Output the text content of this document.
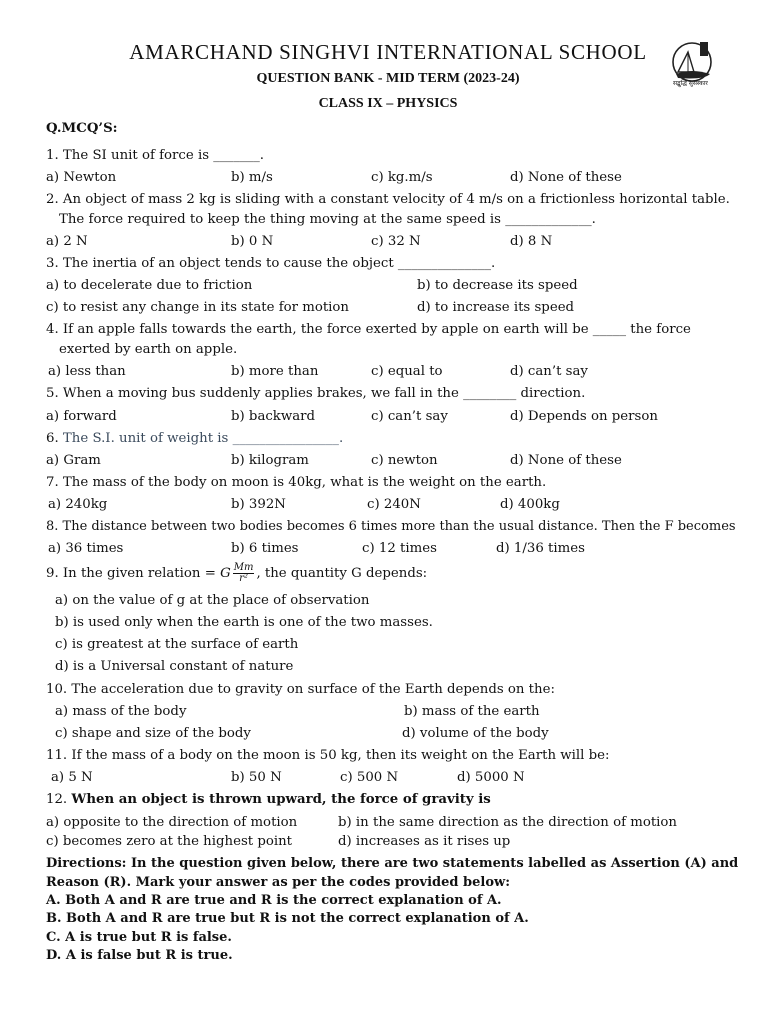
AMARCHAND SINGHVI INTERNATIONAL SCHOOL
QUESTION BANK - MID TERM (2023-24)
CLASS IX – PHYSICS
सद्बुद्धि सुसंस्कार
Q.MCQ’S:
1. The SI unit of force is _______.
a) Newton	b) m/s	c) kg.m/s	d) None of these
2. An object of mass 2 kg is sliding with a constant velocity of 4 m/s on a frictionless horizontal table.
The force required to keep the thing moving at the same speed is _____________.
a) 2 N	b) 0 N	c) 32 N	d) 8 N
3. The inertia of an object tends to cause the object ______________.
a) to decelerate due to friction	b) to decrease its speed
c) to resist any change in its state for motion	d) to increase its speed
4. If an apple falls towards the earth, the force exerted by apple on earth will be _____ the force
exerted by earth on apple.
a) less than	b) more than	c) equal to	d) can’t say
5. When a moving bus suddenly applies brakes, we fall in the ________ direction.
a) forward	b) backward	c) can’t say	d) Depends on person
6. The S.I. unit of weight is ________________.
a) Gram	b) kilogram	c) newton	d) None of these
7. The mass of the body on moon is 40kg, what is the weight on the earth.
a) 240kg	b) 392N	c) 240N	d) 400kg
8. The distance between two bodies becomes 6 times more than the usual distance. Then the F becomes
a) 36 times	b) 6 times	c) 12 times	d) 1/36 times
9. In the given relation = G $\frac{Mm}{\text{r²}}$ , the quantity G depends:
a) on the value of g at the place of observation
b) is used only when the earth is one of the two masses.
c) is greatest at the surface of earth
d) is a Universal constant of nature
10. The acceleration due to gravity on surface of the Earth depends on the:
a) mass of the body	b) mass of the earth
c) shape and size of the body	d) volume of the body
11. If the mass of a body on the moon is 50 kg, then its weight on the Earth will be:
a) 5 N	b) 50 N	c) 500 N	d) 5000 N
12. When an object is thrown upward, the force of gravity is
a) opposite to the direction of motion	b) in the same direction as the direction of motion
c) becomes zero at the highest point	d) increases as it rises up
Directions: In the question given below, there are two statements labelled as Assertion (A) and
Reason (R). Mark your answer as per the codes provided below:
A. Both A and R are true and R is the correct explanation of A.
B. Both A and R are true but R is not the correct explanation of A.
C. A is true but R is false.
D. A is false but R is true.
